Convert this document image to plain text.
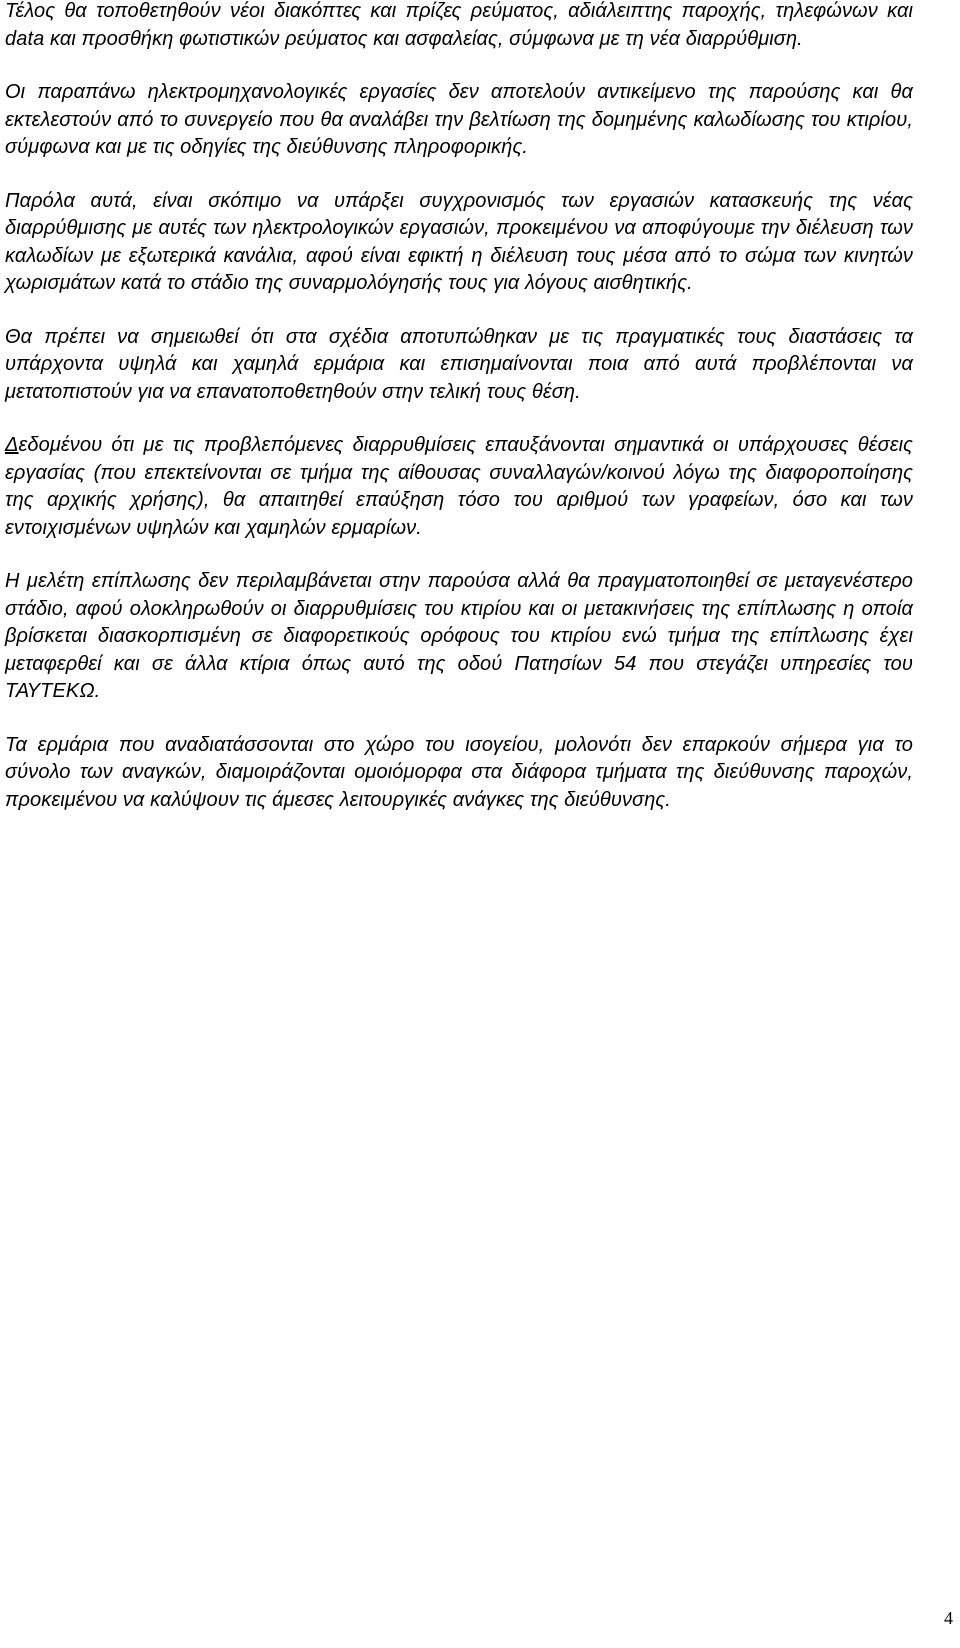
Τέλος θα τοποθετηθούν νέοι διακόπτες και πρίζες ρεύματος, αδιάλειπτης παροχής, τηλεφώνων και data και προσθήκη φωτιστικών ρεύματος και ασφαλείας, σύμφωνα με τη νέα διαρρύθμιση.

Οι παραπάνω ηλεκτρομηχανολογικές εργασίες δεν αποτελούν αντικείμενο της παρούσης και θα εκτελεστούν από το συνεργείο που θα αναλάβει την βελτίωση της δομημένης καλωδίωσης του κτιρίου, σύμφωνα και με τις οδηγίες της διεύθυνσης πληροφορικής.

Παρόλα αυτά, είναι σκόπιμο να υπάρξει συγχρονισμός των εργασιών κατασκευής της νέας διαρρύθμισης με αυτές των ηλεκτρολογικών εργασιών, προκειμένου να αποφύγουμε την διέλευση των καλωδίων με εξωτερικά κανάλια, αφού είναι εφικτή η διέλευση τους μέσα από το σώμα των κινητών χωρισμάτων κατά το στάδιο της συναρμολόγησής τους για λόγους αισθητικής.

Θα πρέπει να σημειωθεί ότι στα σχέδια αποτυπώθηκαν με τις πραγματικές τους διαστάσεις τα υπάρχοντα υψηλά και χαμηλά ερμάρια και επισημαίνονται ποια από αυτά προβλέπονται να μετατοπιστούν για να επανατοποθετηθούν στην τελική τους θέση.

Δεδομένου ότι με τις προβλεπόμενες διαρρυθμίσεις επαυξάνονται σημαντικά οι υπάρχουσες θέσεις εργασίας (που επεκτείνονται σε τμήμα της αίθουσας συναλλαγών/κοινού λόγω της διαφοροποίησης της αρχικής χρήσης), θα απαιτηθεί επαύξηση τόσο του αριθμού των γραφείων, όσο και των εντοιχισμένων υψηλών και χαμηλών ερμαρίων.

Η μελέτη επίπλωσης δεν περιλαμβάνεται στην παρούσα αλλά θα πραγματοποιηθεί σε μεταγενέστερο στάδιο, αφού ολοκληρωθούν οι διαρρυθμίσεις του κτιρίου και οι μετακινήσεις της επίπλωσης η οποία βρίσκεται διασκορπισμένη σε διαφορετικούς ορόφους του κτιρίου ενώ τμήμα της επίπλωσης έχει μεταφερθεί και σε άλλα κτίρια όπως αυτό της οδού Πατησίων 54 που στεγάζει υπηρεσίες του ΤΑΥΤΕΚΩ.

Τα ερμάρια που αναδιατάσσονται στο χώρο του ισογείου, μολονότι δεν επαρκούν σήμερα για το σύνολο των αναγκών, διαμοιράζονται ομοιόμορφα στα διάφορα τμήματα της διεύθυνσης παροχών, προκειμένου να καλύψουν τις άμεσες λειτουργικές ανάγκες της διεύθυνσης.

4
